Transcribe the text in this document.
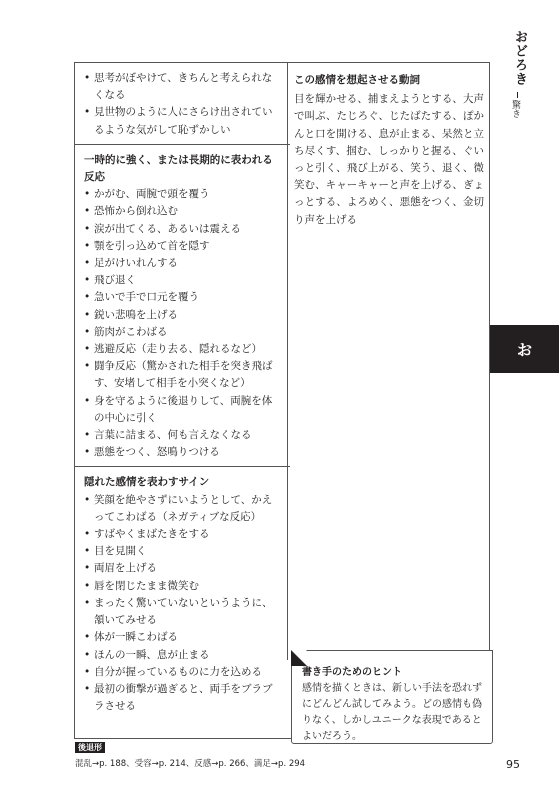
• 思考がぼやけて、きちんと考えられなくなる
• 見世物のように人にさらけ出されているような気がして恥ずかしい
一時的に強く、または長期的に表われる反応
• かがむ、両腕で頭を覆う
• 恐怖から倒れ込む
• 涙が出てくる、あるいは震える
• 顎を引っ込めて首を隠す
• 足がけいれんする
• 飛び退く
• 急いで手で口元を覆う
• 鋭い悲鳴を上げる
• 筋肉がこわばる
• 逃避反応（走り去る、隠れるなど）
• 闘争反応（驚かされた相手を突き飛ばす、安堵して相手を小突くなど）
• 身を守るように後退りして、両腕を体の中心に引く
• 言葉に詰まる、何も言えなくなる
• 悪態をつく、怒鳴りつける
隠れた感情を表わすサイン
• 笑顔を絶やさずにいようとして、かえってこわばる（ネガティブな反応）
• すばやくまばたきをする
• 目を見開く
• 両眉を上げる
• 唇を閉じたまま微笑む
• まったく驚いていないというように、頷いてみせる
• 体が一瞬こわばる
• ほんの一瞬、息が止まる
• 自分が握っているものに力を込める
• 最初の衝撃が過ぎると、両手をブラブラさせる
この感情を想起させる動詞

目を輝かせる、捕まえようとする、大声で叫ぶ、たじろぐ、じたばたする、ぽかんと口を開ける、息が止まる、呆然と立ち尽くす、掴む、しっかりと握る、ぐいっと引く、飛び上がる、笑う、退く、微笑む、キャーキャーと声を上げる、ぎょっとする、よろめく、悪態をつく、金切り声を上げる

書き手のためのヒント
感情を描くときは、新しい手法を恐れずにどんどん試してみよう。どの感情も偽りなく、しかしユニークな表現であるとよいだろう。
おどろき
驚き
お
後退形
混乱→p. 188、受容→p. 214、反感→p. 266、満足→p. 294	95
